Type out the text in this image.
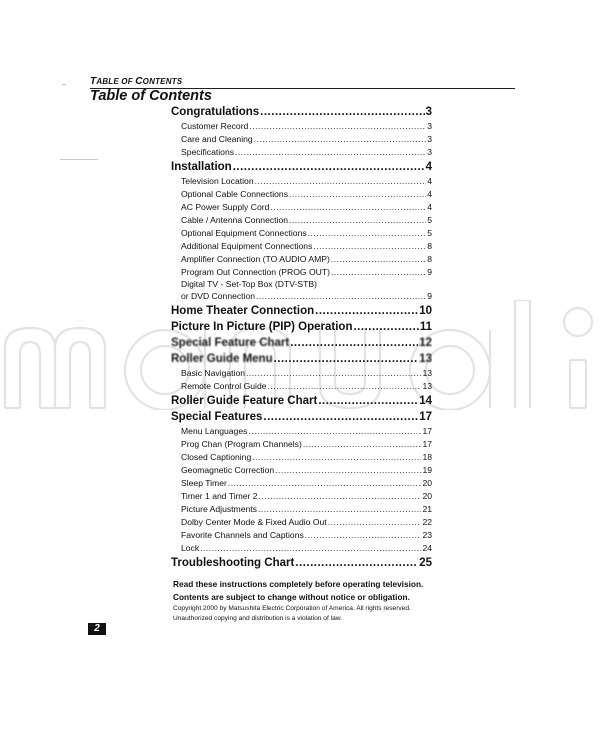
TABLE OF CONTENTS
Table of Contents
Congratulations .....	3
Customer Record .....	3
Care and Cleaning .....	3
Specifications .....	3
Installation .....	4
Television Location .....	4
Optional Cable Connections .....	4
AC Power Supply Cord .....	4
Cable / Antenna Connection .....	5
Optional Equipment Connections .....	5
Additional Equipment Connections .....	8
Amplifier Connection (TO AUDIO AMP) .....	8
Program Out Connection (PROG OUT) .....	9
Digital TV - Set-Top Box (DTV-STB)
or DVD Connection .....	9
Home Theater Connection .....	10
Picture In Picture (PIP) Operation .....	11
Special Feature Chart .....	12
Roller Guide Menu .....	13
Basic Navigation .....	13
Remote Control Guide .....	13
Roller Guide Feature Chart .....	14
Special Features .....	17
Menu Languages .....	17
Prog Chan (Program Channels) .....	17
Closed Captioning .....	18
Geomagnetic Correction .....	19
Sleep Timer .....	20
Timer 1 and Timer 2 .....	20
Picture Adjustments .....	21
Dolby Center Mode & Fixed Audio Out .....	22
Favorite Channels and Captions .....	23
Lock .....	24
Troubleshooting Chart .....	25
Read these instructions completely before operating television.
Contents are subject to change without notice or obligation.
Copyright 2000 by Matsushita Electric Corporation of America. All rights reserved.
Unauthorized copying and distribution is a violation of law.
2
